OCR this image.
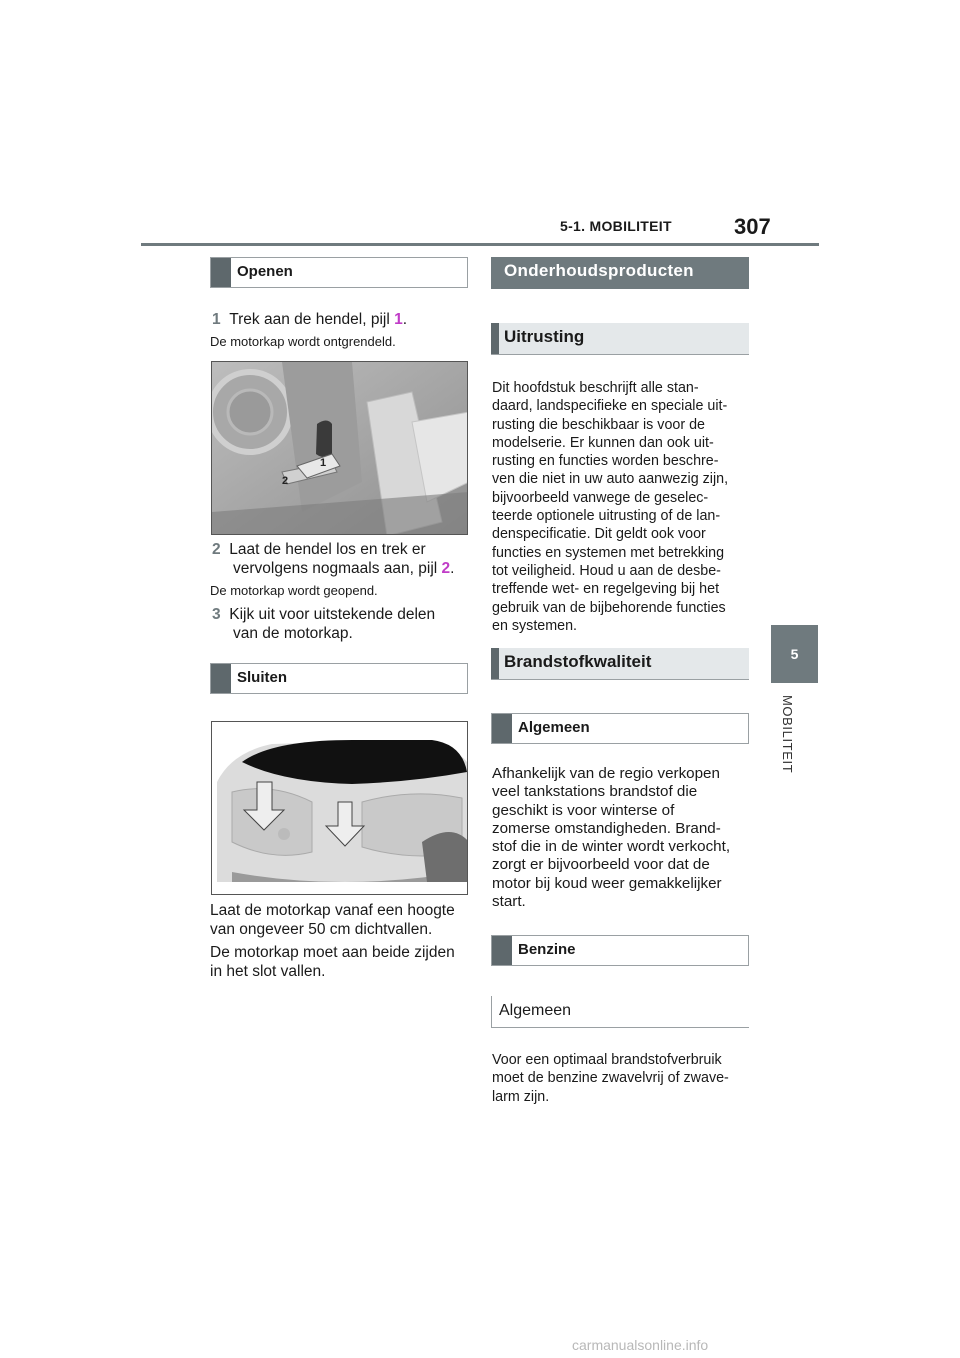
5-1. MOBILITEIT	307
5
MOBILITEIT
Openen
1 Trek aan de hendel, pijl 1.
De motorkap wordt ontgrendeld.
1
2
2 Laat de hendel los en trek er
vervolgens nogmaals aan, pijl 2.
De motorkap wordt geopend.
3 Kijk uit voor uitstekende delen
van de motorkap.
Sluiten
Laat de motorkap vanaf een hoogte
van ongeveer 50 cm dichtvallen.
De motorkap moet aan beide zijden
in het slot vallen.
Onderhoudsproducten
Uitrusting
Dit hoofdstuk beschrijft alle stan-
daard, landspecifieke en speciale uit-
rusting die beschikbaar is voor de
modelserie. Er kunnen dan ook uit-
rusting en functies worden beschre-
ven die niet in uw auto aanwezig zijn,
bijvoorbeeld vanwege de geselec-
teerde optionele uitrusting of de lan-
denspecificatie. Dit geldt ook voor
functies en systemen met betrekking
tot veiligheid. Houd u aan de desbe-
treffende wet- en regelgeving bij het
gebruik van de bijbehorende functies
en systemen.
Brandstofkwaliteit
Algemeen
Afhankelijk van de regio verkopen
veel tankstations brandstof die
geschikt is voor winterse of
zomerse omstandigheden. Brand-
stof die in de winter wordt verkocht,
zorgt er bijvoorbeeld voor dat de
motor bij koud weer gemakkelijker
start.
Benzine
Algemeen
Voor een optimaal brandstofverbruik
moet de benzine zwavelvrij of zwave-
larm zijn.
carmanualsonline.info
